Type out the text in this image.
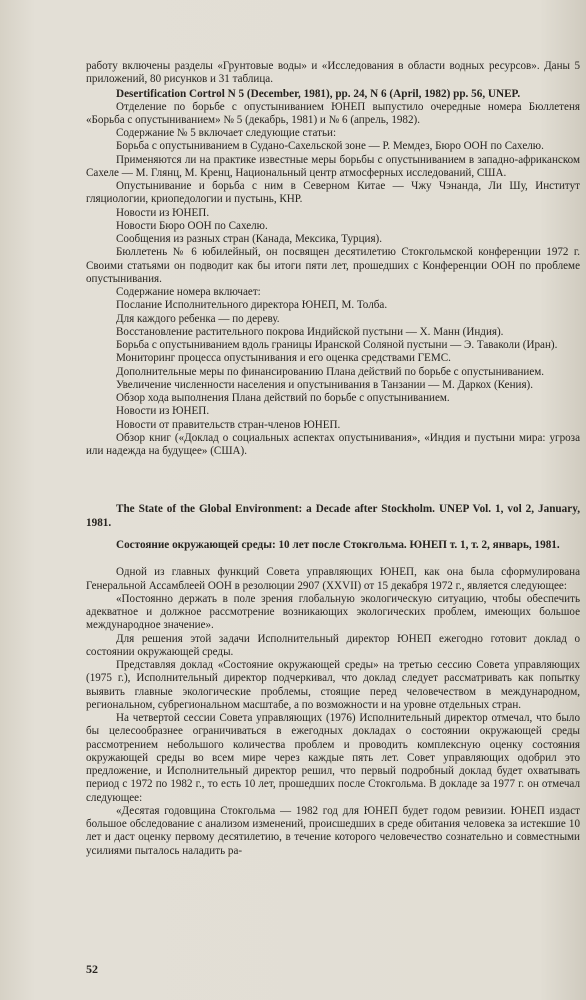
работу включены разделы «Грунтовые воды» и «Исследования в области водных ресурсов». Даны 5 приложений, 80 рисунков и 31 таблица.

Desertification Cortrol N 5 (December, 1981), pp. 24, N 6 (April, 1982) pp. 56, UNEP.

Отделение по борьбе с опустыниванием ЮНЕП выпустило очередные номера Бюллетеня «Борьба с опустыниванием» № 5 (декабрь, 1981) и № 6 (апрель, 1982).

Содержание № 5 включает следующие статьи:

Борьба с опустыниванием в Судано-Сахельской зоне — Р. Мемдез, Бюро ООН по Сахелю.

Применяются ли на практике известные меры борьбы с опустыниванием в западно-африканском Сахеле — М. Глянц, М. Кренц, Национальный центр атмосферных исследований, США.

Опустынивание и борьба с ним в Северном Китае — Чжу Чэнанда, Ли Шу, Институт гляциологии, криопедологии и пустынь, КНР.

Новости из ЮНЕП.

Новости Бюро ООН по Сахелю.

Сообщения из разных стран (Канада, Мексика, Турция).

Бюллетень № 6 юбилейный, он посвящен десятилетию Стокгольмской конференции 1972 г. Своими статьями он подводит как бы итоги пяти лет, прошедших с Конференции ООН по проблеме опустынивания.

Содержание номера включает:

Послание Исполнительного директора ЮНЕП, М. Толба.

Для каждого ребенка — по дереву.

Восстановление растительного покрова Индийской пустыни — Х. Манн (Индия).

Борьба с опустыниванием вдоль границы Иранской Соляной пустыни — Э. Таваколи (Иран).

Мониторинг процесса опустынивания и его оценка средствами ГЕМС.

Дополнительные меры по финансированию Плана действий по борьбе с опустыниванием.

Увеличение численности населения и опустынивания в Танзании — М. Даркох (Кения).

Обзор хода выполнения Плана действий по борьбе с опустыниванием.

Новости из ЮНЕП.

Новости от правительств стран-членов ЮНЕП.

Обзор книг («Доклад о социальных аспектах опустынивания», «Индия и пустыни мира: угроза или надежда на будущее» (США).

The State of the Global Environment: a Decade after Stockholm. UNEP Vol. 1, vol 2, January, 1981.

Состояние окружающей среды: 10 лет после Стокгольма. ЮНЕП т. 1, т. 2, январь, 1981.

Одной из главных функций Совета управляющих ЮНЕП, как она была сформулирована Генеральной Ассамблеей ООН в резолюции 2907 (XXVII) от 15 декабря 1972 г., является следующее:

«Постоянно держать в поле зрения глобальную экологическую ситуацию, чтобы обеспечить адекватное и должное рассмотрение возникающих экологических проблем, имеющих большое международное значение».

Для решения этой задачи Исполнительный директор ЮНЕП ежегодно готовит доклад о состоянии окружающей среды.

Представляя доклад «Состояние окружающей среды» на третью сессию Совета управляющих (1975 г.), Исполнительный директор подчеркивал, что доклад следует рассматривать как попытку выявить главные экологические проблемы, стоящие перед человечеством в международном, региональном, субрегиональном масштабе, а по возможности и на уровне отдельных стран.

На четвертой сессии Совета управляющих (1976) Исполнительный директор отмечал, что было бы целесообразнее ограничиваться в ежегодных докладах о состоянии окружающей среды рассмотрением небольшого количества проблем и проводить комплексную оценку состояния окружающей среды во всем мире через каждые пять лет. Совет управляющих одобрил это предложение, и Исполнительный директор решил, что первый подробный доклад будет охватывать период с 1972 по 1982 г., то есть 10 лет, прошедших после Стокгольма. В докладе за 1977 г. он отмечал следующее:

«Десятая годовщина Стокгольма — 1982 год для ЮНЕП будет годом ревизии. ЮНЕП издаст большое обследование с анализом изменений, происшедших в среде обитания человека за истекшие 10 лет и даст оценку первому десятилетию, в течение которого человечество сознательно и совместными усилиями пыталось наладить ра-

52
